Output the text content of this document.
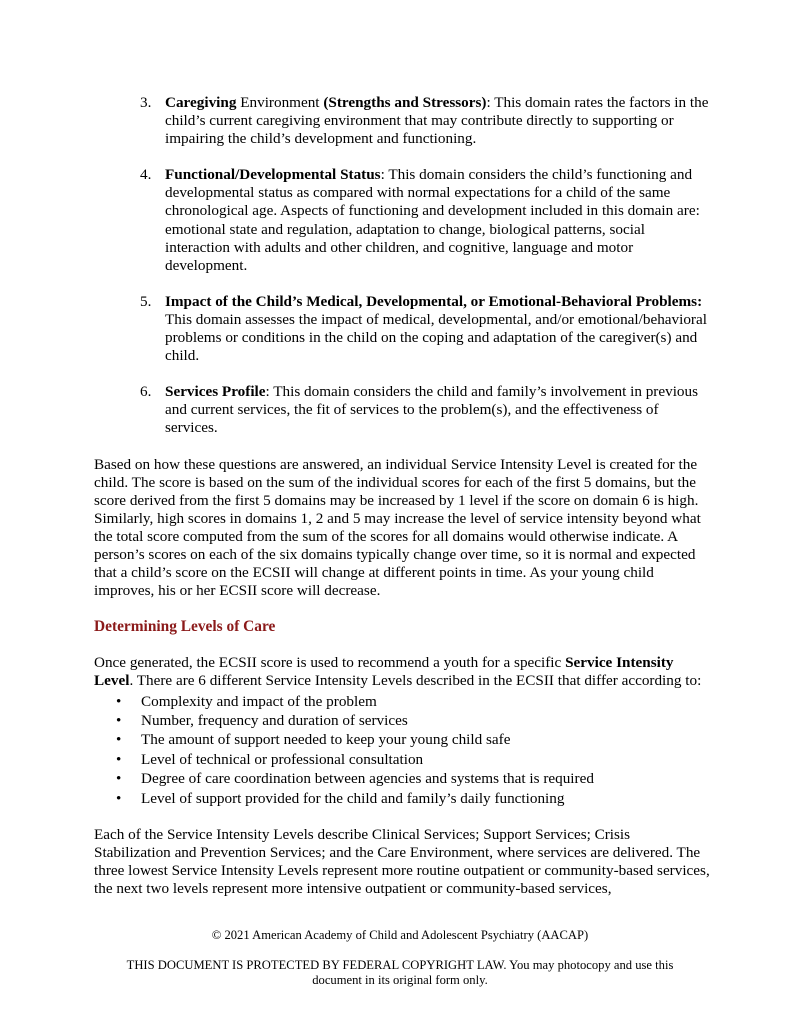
3. Caregiving Environment (Strengths and Stressors): This domain rates the factors in the child’s current caregiving environment that may contribute directly to supporting or impairing the child’s development and functioning.
4. Functional/Developmental Status: This domain considers the child’s functioning and developmental status as compared with normal expectations for a child of the same chronological age. Aspects of functioning and development included in this domain are: emotional state and regulation, adaptation to change, biological patterns, social interaction with adults and other children, and cognitive, language and motor development.
5. Impact of the Child’s Medical, Developmental, or Emotional-Behavioral Problems: This domain assesses the impact of medical, developmental, and/or emotional/behavioral problems or conditions in the child on the coping and adaptation of the caregiver(s) and child.
6. Services Profile: This domain considers the child and family’s involvement in previous and current services, the fit of services to the problem(s), and the effectiveness of services.

Based on how these questions are answered, an individual Service Intensity Level is created for the child. The score is based on the sum of the individual scores for each of the first 5 domains, but the score derived from the first 5 domains may be increased by 1 level if the score on domain 6 is high. Similarly, high scores in domains 1, 2 and 5 may increase the level of service intensity beyond what the total score computed from the sum of the scores for all domains would otherwise indicate. A person’s scores on each of the six domains typically change over time, so it is normal and expected that a child’s score on the ECSII will change at different points in time. As your young child improves, his or her ECSII score will decrease.

Determining Levels of Care

Once generated, the ECSII score is used to recommend a youth for a specific Service Intensity Level. There are 6 different Service Intensity Levels described in the ECSII that differ according to:

• Complexity and impact of the problem
• Number, frequency and duration of services
• The amount of support needed to keep your young child safe
• Level of technical or professional consultation
• Degree of care coordination between agencies and systems that is required
• Level of support provided for the child and family’s daily functioning

Each of the Service Intensity Levels describe Clinical Services; Support Services; Crisis Stabilization and Prevention Services; and the Care Environment, where services are delivered. The three lowest Service Intensity Levels represent more routine outpatient or community-based services, the next two levels represent more intensive outpatient or community-based services,

© 2021 American Academy of Child and Adolescent Psychiatry (AACAP)
THIS DOCUMENT IS PROTECTED BY FEDERAL COPYRIGHT LAW. You may photocopy and use this
document in its original form only.
